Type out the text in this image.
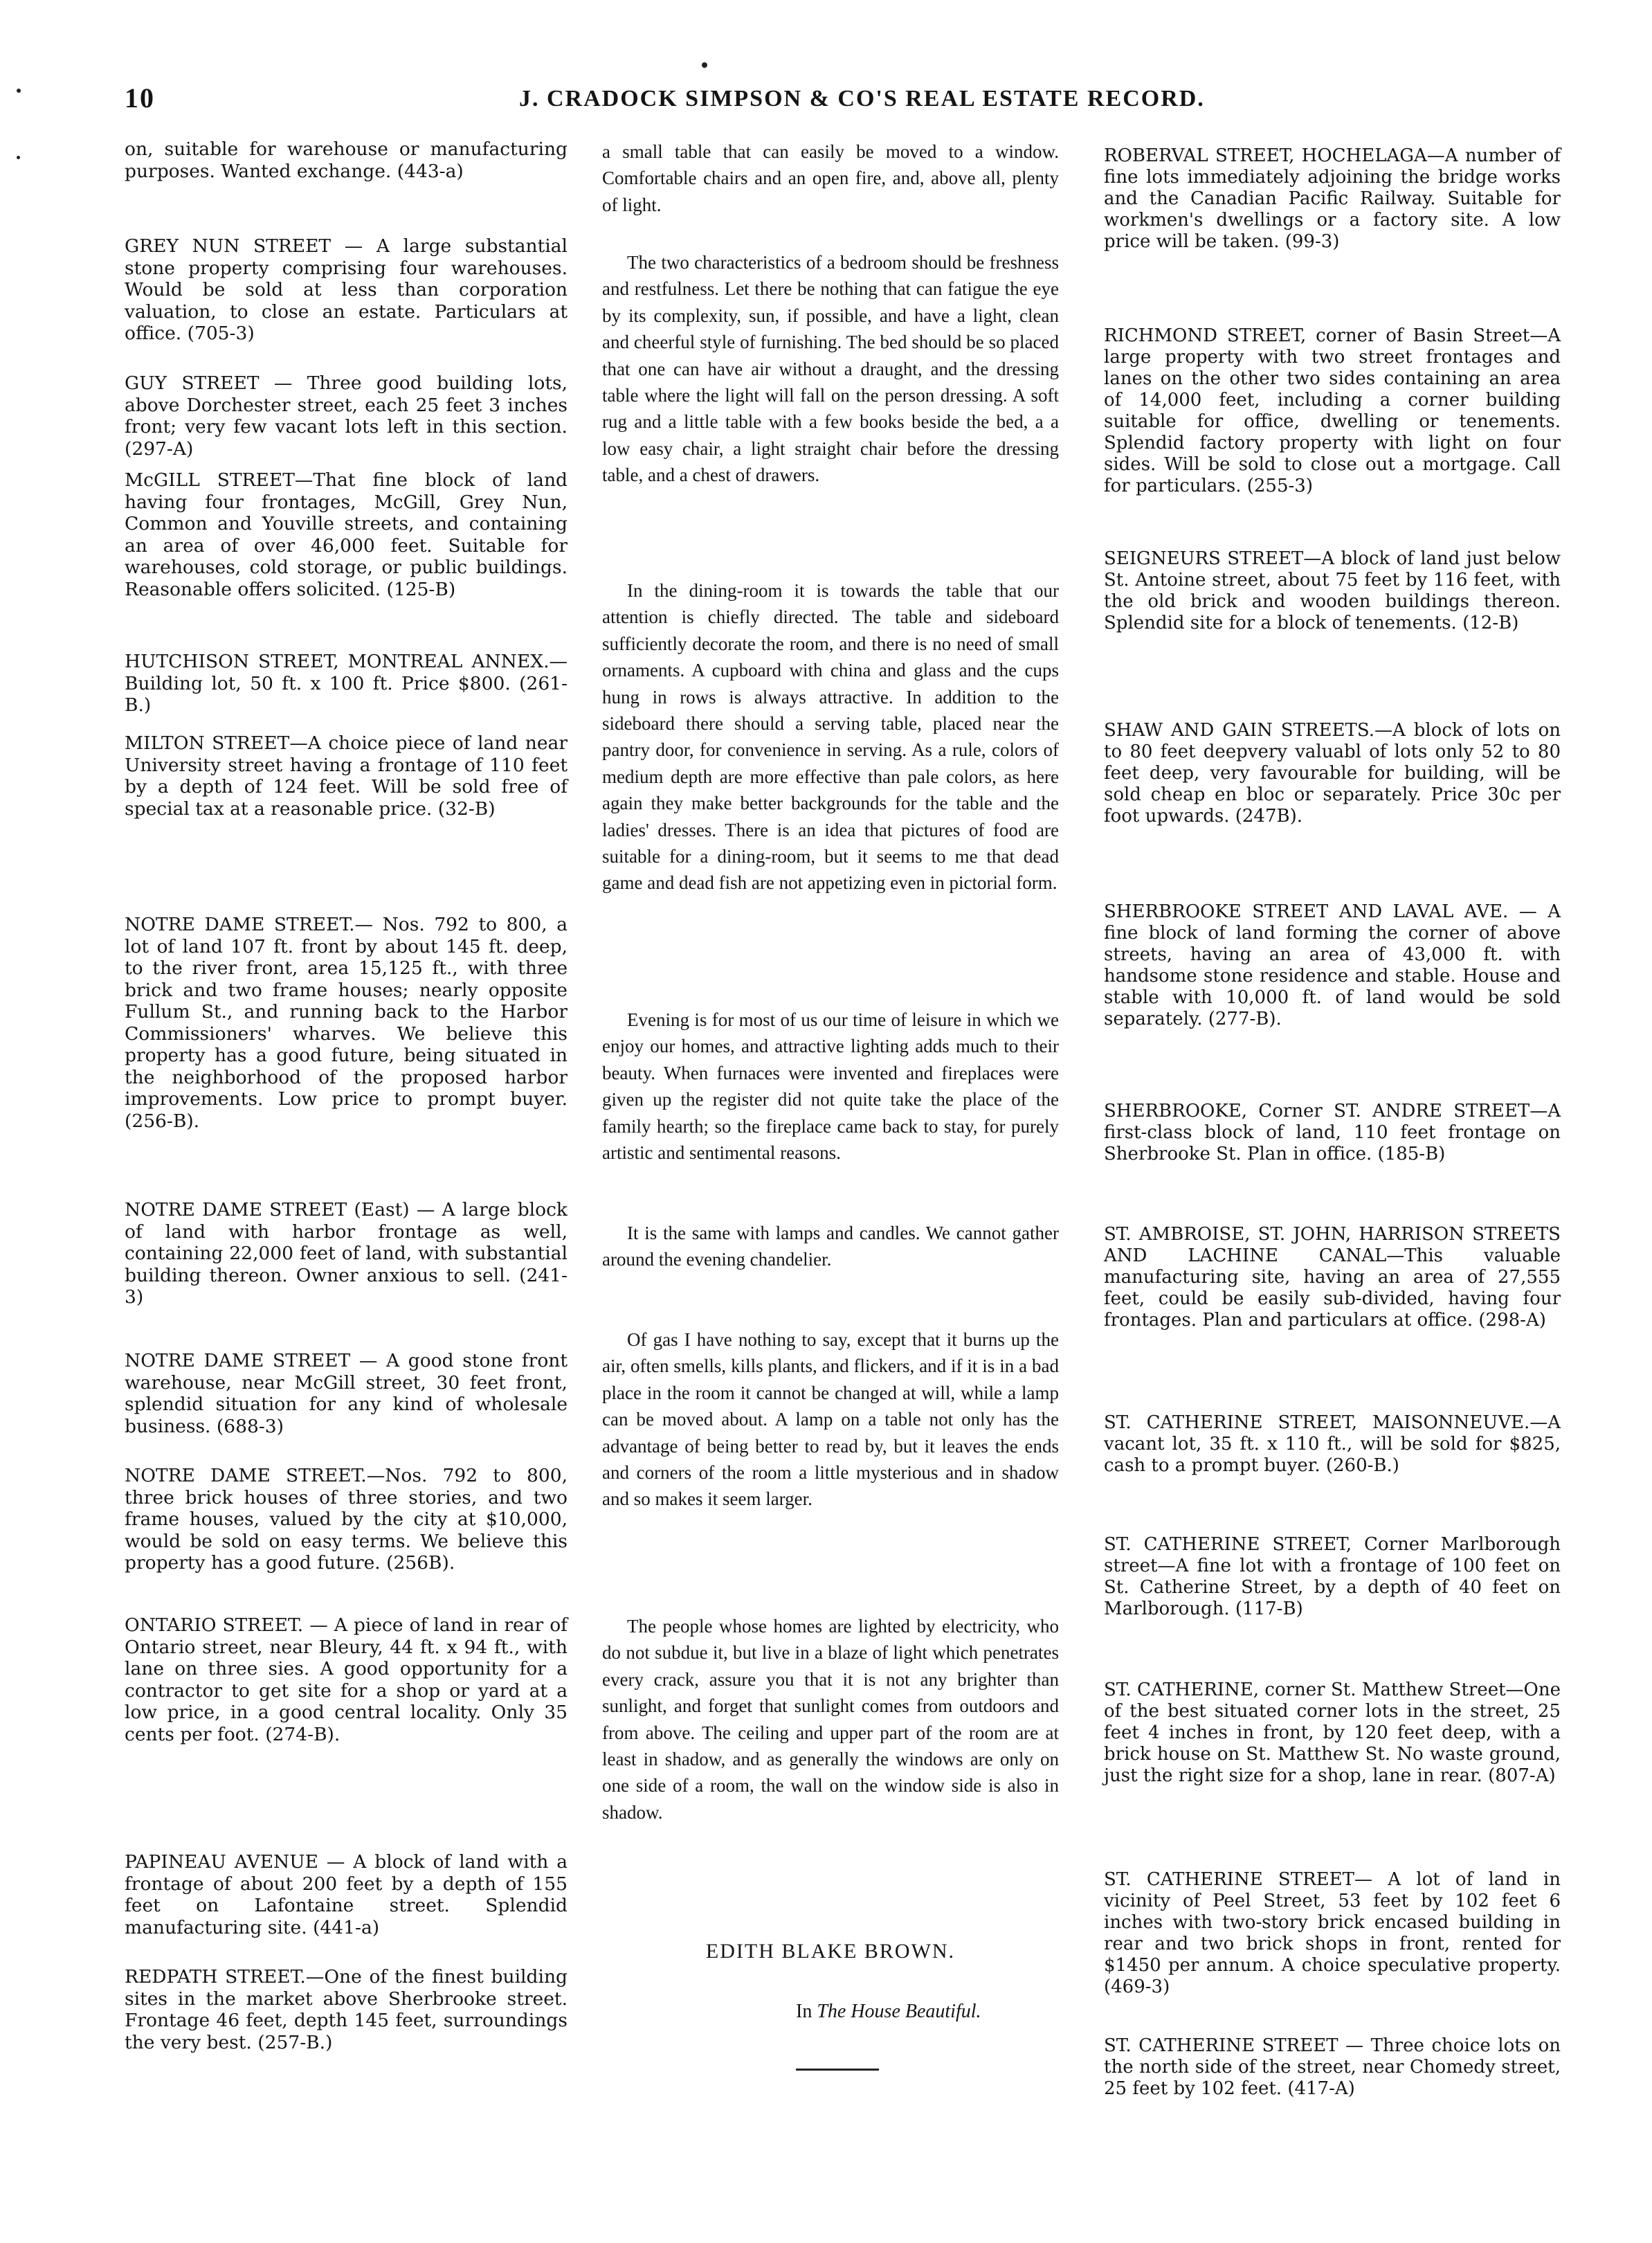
10	J. CRADOCK SIMPSON & CO'S REAL ESTATE RECORD.

on, suitable for warehouse or manufacturing purposes. Wanted exchange. (443-a)

GREY NUN STREET — A large substantial stone property comprising four warehouses. Would be sold at less than corporation valuation, to close an estate. Particulars at office. (705-3)

GUY STREET — Three good building lots, above Dorchester street, each 25 feet 3 inches front; very few vacant lots left in this section. (297-A)

McGILL STREET—That fine block of land having four frontages, McGill, Grey Nun, Common and Youville streets, and containing an area of over 46,000 feet. Suitable for warehouses, cold storage, or public buildings. Reasonable offers solicited. (125-B)

HUTCHISON STREET, MONTREAL ANNEX.—Building lot, 50 ft. x 100 ft. Price $800. (261-B.)

MILTON STREET—A choice piece of land near University street having a frontage of 110 feet by a depth of 124 feet. Will be sold free of special tax at a reasonable price. (32-B)

NOTRE DAME STREET.— Nos. 792 to 800, a lot of land 107 ft. front by about 145 ft. deep, to the river front, area 15,125 ft., with three brick and two frame houses; nearly opposite Fullum St., and running back to the Harbor Commissioners' wharves. We believe this property has a good future, being situated in the neighborhood of the proposed harbor improvements. Low price to prompt buyer. (256-B).

NOTRE DAME STREET (East) — A large block of land with harbor frontage as well, containing 22,000 feet of land, with substantial building thereon. Owner anxious to sell. (241-3)

NOTRE DAME STREET — A good stone front warehouse, near McGill street, 30 feet front, splendid situation for any kind of wholesale business. (688-3)

NOTRE DAME STREET.—Nos. 792 to 800, three brick houses of three stories, and two frame houses, valued by the city at $10,000, would be sold on easy terms. We believe this property has a good future. (256B).

ONTARIO STREET. — A piece of land in rear of Ontario street, near Bleury, 44 ft. x 94 ft., with lane on three sies. A good opportunity for a contractor to get site for a shop or yard at a low price, in a good central locality. Only 35 cents per foot. (274-B).

PAPINEAU AVENUE — A block of land with a frontage of about 200 feet by a depth of 155 feet on Lafontaine street. Splendid manufacturing site. (441-a)

REDPATH STREET.—One of the finest building sites in the market above Sherbrooke street. Frontage 46 feet, depth 145 feet, surroundings the very best. (257-B.)

a small table that can easily be moved to a window. Comfortable chairs and an open fire, and, above all, plenty of light.

The two characteristics of a bedroom should be freshness and restfulness. Let there be nothing that can fatigue the eye by its complexity, sun, if possible, and have a light, clean and cheerful style of furnishing. The bed should be so placed that one can have air without a draught, and the dressing table where the light will fall on the person dressing. A soft rug and a little table with a few books beside the bed, a a low easy chair, a light straight chair before the dressing table, and a chest of drawers.

In the dining-room it is towards the table that our attention is chiefly directed. The table and sideboard sufficiently decorate the room, and there is no need of small ornaments. A cupboard with china and glass and the cups hung in rows is always attractive. In addition to the sideboard there should a serving table, placed near the pantry door, for convenience in serving. As a rule, colors of medium depth are more effective than pale colors, as here again they make better backgrounds for the table and the ladies' dresses. There is an idea that pictures of food are suitable for a dining-room, but it seems to me that dead game and dead fish are not appetizing even in pictorial form.

Evening is for most of us our time of leisure in which we enjoy our homes, and attractive lighting adds much to their beauty. When furnaces were invented and fireplaces were given up the register did not quite take the place of the family hearth; so the fireplace came back to stay, for purely artistic and sentimental reasons.

It is the same with lamps and candles. We cannot gather around the evening chandelier.

Of gas I have nothing to say, except that it burns up the air, often smells, kills plants, and flickers, and if it is in a bad place in the room it cannot be changed at will, while a lamp can be moved about. A lamp on a table not only has the advantage of being better to read by, but it leaves the ends and corners of the room a little mysterious and in shadow and so makes it seem larger.

The people whose homes are lighted by electricity, who do not subdue it, but live in a blaze of light which penetrates every crack, assure you that it is not any brighter than sunlight, and forget that sunlight comes from outdoors and from above. The ceiling and upper part of the room are at least in shadow, and as generally the windows are only on one side of a room, the wall on the window side is also in shadow.

EDITH BLAKE BROWN.

In The House Beautiful.

ROBERVAL STREET, HOCHELAGA—A number of fine lots immediately adjoining the bridge works and the Canadian Pacific Railway. Suitable for workmen's dwellings or a factory site. A low price will be taken. (99-3)

RICHMOND STREET, corner of Basin Street—A large property with two street frontages and lanes on the other two sides containing an area of 14,000 feet, including a corner building suitable for office, dwelling or tenements. Splendid factory property with light on four sides. Will be sold to close out a mortgage. Call for particulars. (255-3)

SEIGNEURS STREET—A block of land just below St. Antoine street, about 75 feet by 116 feet, with the old brick and wooden buildings thereon. Splendid site for a block of tenements. (12-B)

SHAW AND GAIN STREETS.—A block of lots on to 80 feet deepvery valuabl of lots only 52 to 80 feet deep, very favourable for building, will be sold cheap en bloc or separately. Price 30c per foot upwards. (247B).

SHERBROOKE STREET AND LAVAL AVE. — A fine block of land forming the corner of above streets, having an area of 43,000 ft. with handsome stone residence and stable. House and stable with 10,000 ft. of land would be sold separately. (277-B).

SHERBROOKE, Corner ST. ANDRE STREET—A first-class block of land, 110 feet frontage on Sherbrooke St. Plan in office. (185-B)

ST. AMBROISE, ST. JOHN, HARRISON STREETS AND LACHINE CANAL—This valuable manufacturing site, having an area of 27,555 feet, could be easily sub-divided, having four frontages. Plan and particulars at office. (298-A)

ST. CATHERINE STREET, MAISONNEUVE.—A vacant lot, 35 ft. x 110 ft., will be sold for $825, cash to a prompt buyer. (260-B.)

ST. CATHERINE STREET, Corner Marlborough street—A fine lot with a frontage of 100 feet on St. Catherine Street, by a depth of 40 feet on Marlborough. (117-B)

ST. CATHERINE, corner St. Matthew Street—One of the best situated corner lots in the street, 25 feet 4 inches in front, by 120 feet deep, with a brick house on St. Matthew St. No waste ground, just the right size for a shop, lane in rear. (807-A)

ST. CATHERINE STREET— A lot of land in vicinity of Peel Street, 53 feet by 102 feet 6 inches with two-story brick encased building in rear and two brick shops in front, rented for $1450 per annum. A choice speculative property. (469-3)

ST. CATHERINE STREET — Three choice lots on the north side of the street, near Chomedy street, 25 feet by 102 feet. (417-A)
